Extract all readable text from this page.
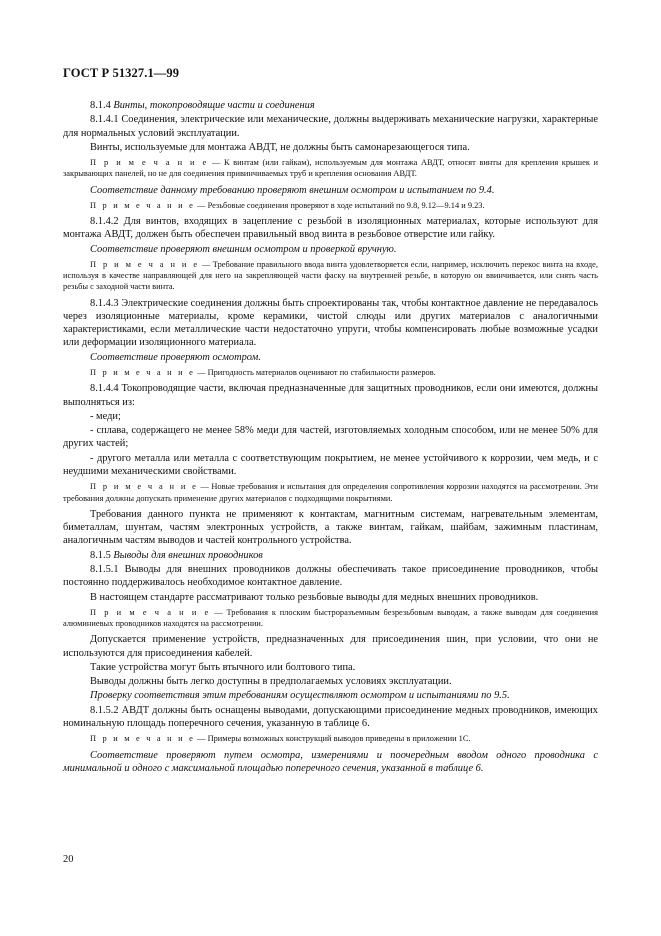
ГОСТ Р 51327.1—99

8.1.4 Винты, токопроводящие части и соединения

8.1.4.1 Соединения, электрические или механические, должны выдерживать механические нагрузки, характерные для нормальных условий эксплуатации.

Винты, используемые для монтажа АВДТ, не должны быть самонарезающегося типа.

П р и м е ч а н и е — К винтам (или гайкам), используемым для монтажа АВДТ, относят винты для крепления крышек и закрывающих панелей, но не для соединения привинчиваемых труб и крепления основания АВДТ.

Соответствие данному требованию проверяют внешним осмотром и испытанием по 9.4.

П р и м е ч а н и е — Резьбовые соединения проверяют в ходе испытаний по 9.8, 9.12—9.14 и 9.23.

8.1.4.2 Для винтов, входящих в зацепление с резьбой в изоляционных материалах, которые используют для монтажа АВДТ, должен быть обеспечен правильный ввод винта в резьбовое отверстие или гайку.

Соответствие проверяют внешним осмотром и проверкой вручную.

П р и м е ч а н и е — Требование правильного ввода винта удовлетворяется если, например, исключить перекос винта на входе, используя в качестве направляющей для него на закрепляющей части фаску на внутренней резьбе, в которую он ввинчивается, или снять часть резьбы с заходной части винта.

8.1.4.3 Электрические соединения должны быть спроектированы так, чтобы контактное давление не передавалось через изоляционные материалы, кроме керамики, чистой слюды или других материалов с аналогичными характеристиками, если металлические части недостаточно упруги, чтобы компенсировать любые возможные усадки или деформации изоляционного материала.

Соответствие проверяют осмотром.

П р и м е ч а н и е — Пригодность материалов оценивают по стабильности размеров.

8.1.4.4 Токопроводящие части, включая предназначенные для защитных проводников, если они имеются, должны выполняться из:

- меди;

- сплава, содержащего не менее 58% меди для частей, изготовляемых холодным способом, или не менее 50% для других частей;

- другого металла или металла с соответствующим покрытием, не менее устойчивого к коррозии, чем медь, и с неудшими механическими свойствами.

П р и м е ч а н и е — Новые требования и испытания для определения сопротивления коррозии находятся на рассмотрении. Эти требования должны допускать применение других материалов с подходящими покрытиями.

Требования данного пункта не применяют к контактам, магнитным системам, нагревательным элементам, биметаллам, шунтам, частям электронных устройств, а также винтам, гайкам, шайбам, зажимным пластинам, аналогичным частям выводов и частей контрольного устройства.

8.1.5 Выводы для внешних проводников

8.1.5.1 Выводы для внешних проводников должны обеспечивать такое присоединение проводников, чтобы постоянно поддерживалось необходимое контактное давление.

В настоящем стандарте рассматривают только резьбовые выводы для медных внешних проводников.

П р и м е ч а н и е — Требования к плоским быстроразъемным безрезьбовым выводам, а также выводам для соединения алюминиевых проводников находятся на рассмотрении.

Допускается применение устройств, предназначенных для присоединения шин, при условии, что они не используются для присоединения кабелей.

Такие устройства могут быть втычного или болтового типа.

Выводы должны быть легко доступны в предполагаемых условиях эксплуатации.

Проверку соответствия этим требованиям осуществляют осмотром и испытаниями по 9.5.

8.1.5.2 АВДТ должны быть оснащены выводами, допускающими присоединение медных проводников, имеющих номинальную площадь поперечного сечения, указанную в таблице 6.

П р и м е ч а н и е — Примеры возможных конструкций выводов приведены в приложении 1С.

Соответствие проверяют путем осмотра, измерениями и поочередным вводом одного проводника с минимальной и одного с максимальной площадью поперечного сечения, указанной в таблице 6.

20
